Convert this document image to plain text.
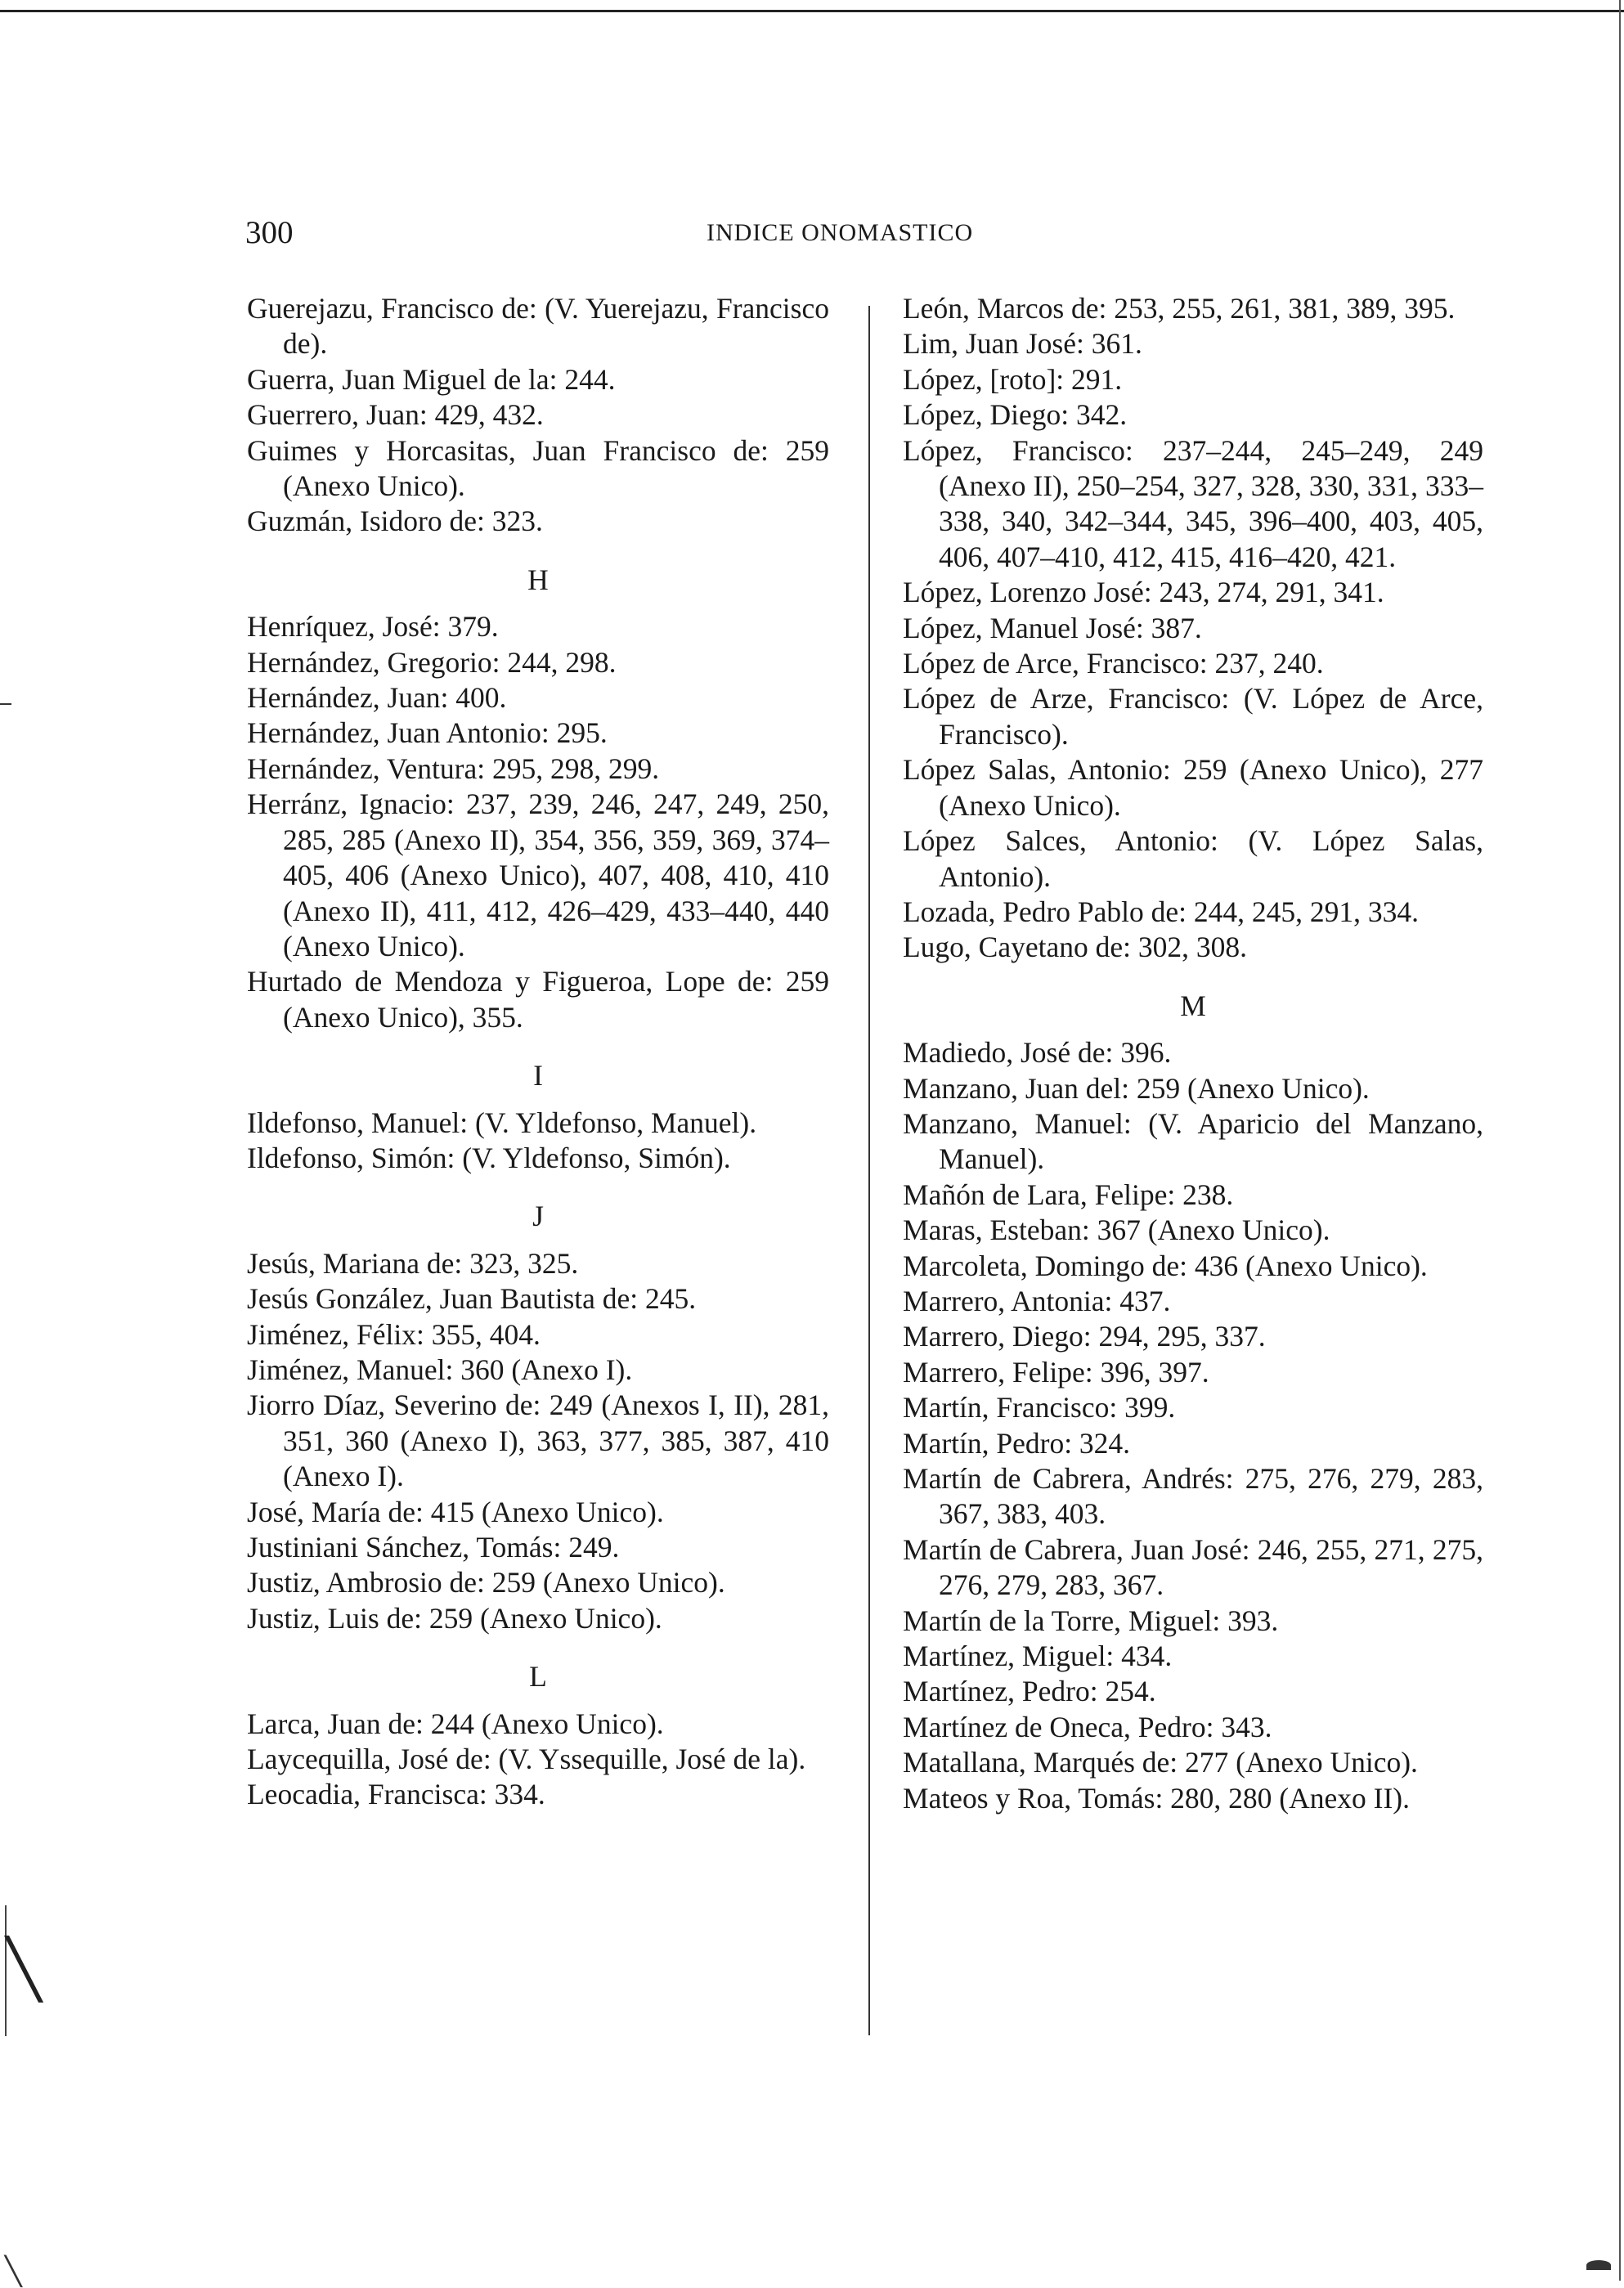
╲
╲
300	INDICE ONOMASTICO
Guerejazu, Francisco de: (V. Yuerejazu, Francisco de).
Guerra, Juan Miguel de la: 244.
Guerrero, Juan: 429, 432.
Guimes y Horcasitas, Juan Francisco de: 259 (Anexo Unico).
Guzmán, Isidoro de: 323.
H
Henríquez, José: 379.
Hernández, Gregorio: 244, 298.
Hernández, Juan: 400.
Hernández, Juan Antonio: 295.
Hernández, Ventura: 295, 298, 299.
Herránz, Ignacio: 237, 239, 246, 247, 249, 250, 285, 285 (Anexo II), 354, 356, 359, 369, 374–405, 406 (Anexo Unico), 407, 408, 410, 410 (Anexo II), 411, 412, 426–429, 433–440, 440 (Anexo Unico).
Hurtado de Mendoza y Figueroa, Lope de: 259 (Anexo Unico), 355.
I
Ildefonso, Manuel: (V. Yldefonso, Manuel).
Ildefonso, Simón: (V. Yldefonso, Simón).
J
Jesús, Mariana de: 323, 325.
Jesús González, Juan Bautista de: 245.
Jiménez, Félix: 355, 404.
Jiménez, Manuel: 360 (Anexo I).
Jiorro Díaz, Severino de: 249 (Anexos I, II), 281, 351, 360 (Anexo I), 363, 377, 385, 387, 410 (Anexo I).
José, María de: 415 (Anexo Unico).
Justiniani Sánchez, Tomás: 249.
Justiz, Ambrosio de: 259 (Anexo Unico).
Justiz, Luis de: 259 (Anexo Unico).
L
Larca, Juan de: 244 (Anexo Unico).
Laycequilla, José de: (V. Yssequille, José de la).
Leocadia, Francisca: 334.
León, Marcos de: 253, 255, 261, 381, 389, 395.
Lim, Juan José: 361.
López, [roto]: 291.
López, Diego: 342.
López, Francisco: 237–244, 245–249, 249 (Anexo II), 250–254, 327, 328, 330, 331, 333–338, 340, 342–344, 345, 396–400, 403, 405, 406, 407–410, 412, 415, 416–420, 421.
López, Lorenzo José: 243, 274, 291, 341.
López, Manuel José: 387.
López de Arce, Francisco: 237, 240.
López de Arze, Francisco: (V. López de Arce, Francisco).
López Salas, Antonio: 259 (Anexo Unico), 277 (Anexo Unico).
López Salces, Antonio: (V. López Salas, Antonio).
Lozada, Pedro Pablo de: 244, 245, 291, 334.
Lugo, Cayetano de: 302, 308.
M
Madiedo, José de: 396.
Manzano, Juan del: 259 (Anexo Unico).
Manzano, Manuel: (V. Aparicio del Manzano, Manuel).
Mañón de Lara, Felipe: 238.
Maras, Esteban: 367 (Anexo Unico).
Marcoleta, Domingo de: 436 (Anexo Unico).
Marrero, Antonia: 437.
Marrero, Diego: 294, 295, 337.
Marrero, Felipe: 396, 397.
Martín, Francisco: 399.
Martín, Pedro: 324.
Martín de Cabrera, Andrés: 275, 276, 279, 283, 367, 383, 403.
Martín de Cabrera, Juan José: 246, 255, 271, 275, 276, 279, 283, 367.
Martín de la Torre, Miguel: 393.
Martínez, Miguel: 434.
Martínez, Pedro: 254.
Martínez de Oneca, Pedro: 343.
Matallana, Marqués de: 277 (Anexo Unico).
Mateos y Roa, Tomás: 280, 280 (Anexo II).
